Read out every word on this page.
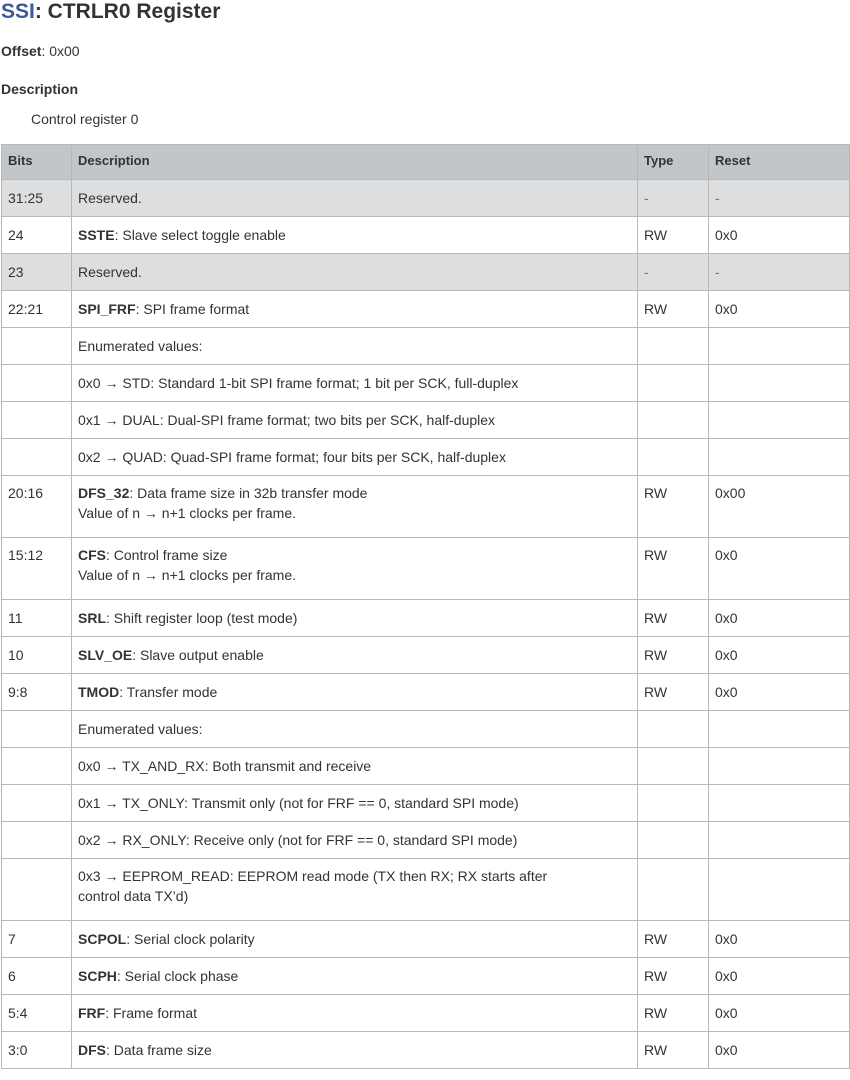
SSI: CTRLR0 Register
Offset: 0x00
Description
Control register 0
Bits	Description	Type	Reset
31:25	Reserved.	-	-
24	SSTE: Slave select toggle enable	RW	0x0
23	Reserved.	-	-
22:21	SPI_FRF: SPI frame format	RW	0x0

	Enumerated values:		

	0x0 → STD: Standard 1-bit SPI frame format; 1 bit per SCK, full-duplex		

	0x1 → DUAL: Dual-SPI frame format; two bits per SCK, half-duplex		

	0x2 → QUAD: Quad-SPI frame format; four bits per SCK, half-duplex		

20:16	DFS_32: Data frame size in 32b transfer mode
Value of n → n+1 clocks per frame.	RW	0x00
15:12	CFS: Control frame size
Value of n → n+1 clocks per frame.	RW	0x0
11	SRL: Shift register loop (test mode)	RW	0x0
10	SLV_OE: Slave output enable	RW	0x0
9:8	TMOD: Transfer mode	RW	0x0

	Enumerated values:		

	0x0 → TX_AND_RX: Both transmit and receive		

	0x1 → TX_ONLY: Transmit only (not for FRF == 0, standard SPI mode)		

	0x2 → RX_ONLY: Receive only (not for FRF == 0, standard SPI mode)		

	0x3 → EEPROM_READ: EEPROM read mode (TX then RX; RX starts after
control data TX’d)		

7	SCPOL: Serial clock polarity	RW	0x0
6	SCPH: Serial clock phase	RW	0x0
5:4	FRF: Frame format	RW	0x0
3:0	DFS: Data frame size	RW	0x0
